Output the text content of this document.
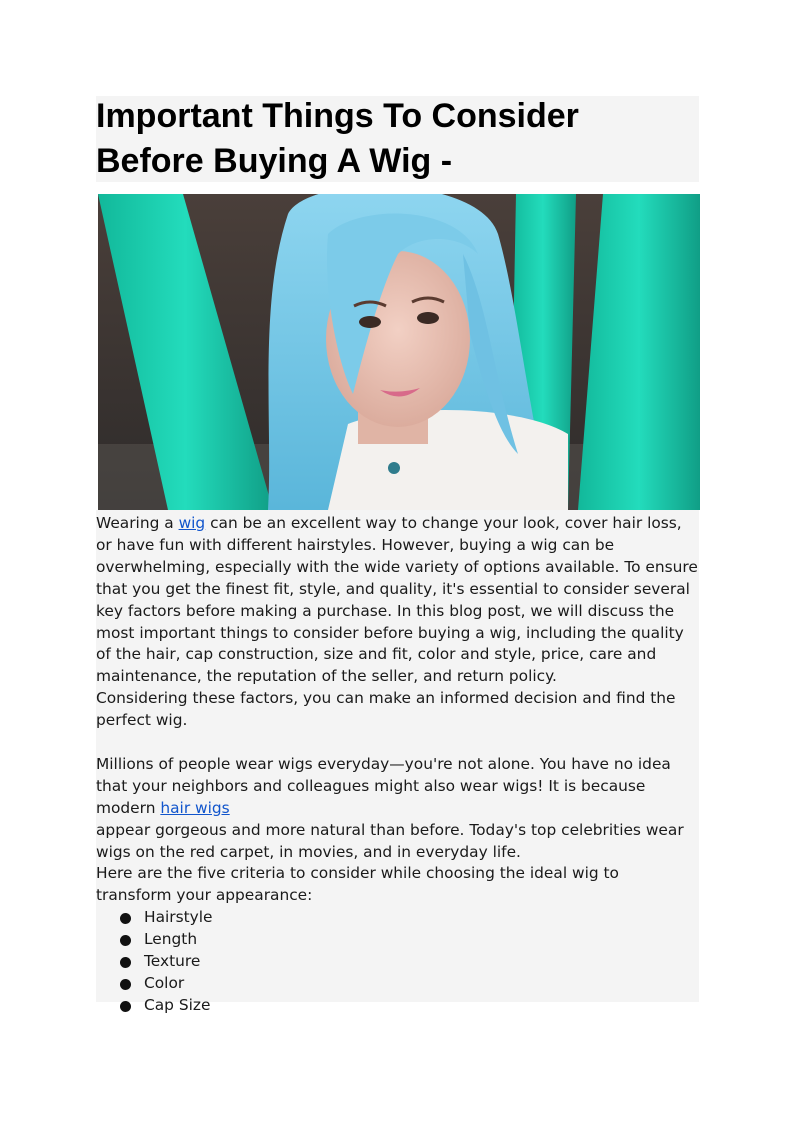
Important Things To Consider
Before Buying A Wig -

Wearing a wig can be an excellent way to change your look, cover hair loss, or have fun with different hairstyles. However, buying a wig can be overwhelming, especially with the wide variety of options available. To ensure that you get the finest fit, style, and quality, it's essential to consider several key factors before making a purchase. In this blog post, we will discuss the most important things to consider before buying a wig, including the quality of the hair, cap construction, size and fit, color and style, price, care and maintenance, the reputation of the seller, and return policy.

Considering these factors, you can make an informed decision and find the perfect wig.

Millions of people wear wigs everyday—you're not alone. You have no idea that your neighbors and colleagues might also wear wigs! It is because modern hair wigs

appear gorgeous and more natural than before. Today's top celebrities wear wigs on the red carpet, in movies, and in everyday life.

Here are the five criteria to consider while choosing the ideal wig to transform your appearance:

Hairstyle
Length
Texture
Color
Cap Size
